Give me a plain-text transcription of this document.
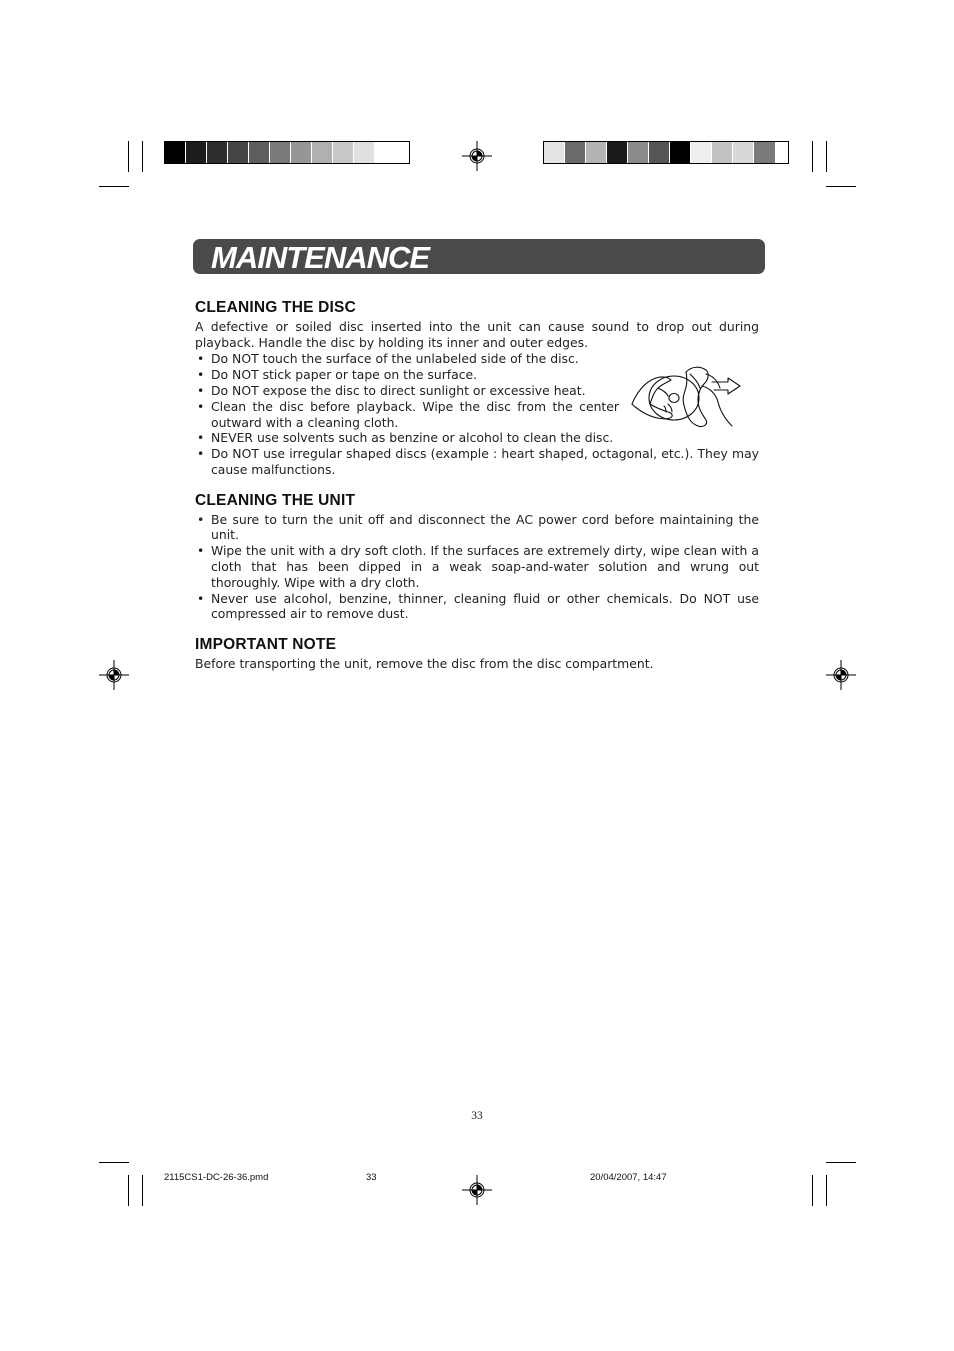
MAINTENANCE
CLEANING THE DISC

A defective or soiled disc inserted into the unit can cause sound to drop out during playback. Handle the disc by holding its inner and outer edges.

• Do NOT touch the surface of the unlabeled side of the disc.
• Do NOT stick paper or tape on the surface.
• Do NOT expose the disc to direct sunlight or excessive heat.
• Clean the disc before playback. Wipe the disc from the center outward with a cleaning cloth.
• NEVER use solvents such as benzine or alcohol to clean the disc.
• Do NOT use irregular shaped discs (example : heart shaped, octagonal, etc.). They may cause malfunctions.
CLEANING THE UNIT
• Be sure to turn the unit off and disconnect the AC power cord before maintaining the unit.
• Wipe the unit with a dry soft cloth. If the surfaces are extremely dirty, wipe clean with a cloth that has been dipped in a weak soap-and-water solution and wrung out thoroughly. Wipe with a dry cloth.
• Never use alcohol, benzine, thinner, cleaning fluid or other chemicals. Do NOT use compressed air to remove dust.
IMPORTANT NOTE

Before transporting the unit, remove the disc from the disc compartment.

33
2115CS1-DC-26-36.pmd	33	20/04/2007, 14:47
